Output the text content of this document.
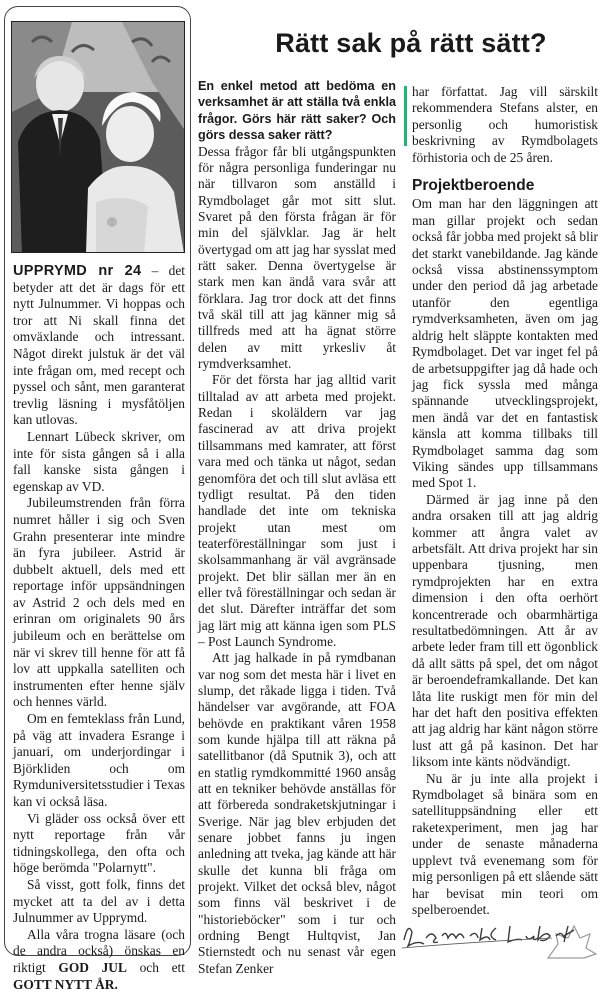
UPPRYMD nr 24 – det betyder att det är dags för ett nytt Julnummer. Vi hoppas och tror att Ni skall finna det omväxlande och intressant. Något direkt julstuk är det väl inte frågan om, med recept och pyssel och sånt, men garanterat trevlig läsning i mysfåtöljen kan utlovas.

Lennart Lübeck skriver, om inte för sista gången så i alla fall kanske sista gången i egenskap av VD.

Jubileumstrenden från förra numret håller i sig och Sven Grahn presenterar inte mindre än fyra jubileer. Astrid är dubbelt aktuell, dels med ett reportage inför uppsändningen av Astrid 2 och dels med en erinran om originalets 90 års jubileum och en berättelse om när vi skrev till henne för att få lov att uppkalla satelliten och instrumenten efter henne själv och hennes värld.

Om en femteklass från Lund, på väg att invadera Esrange i januari, om underjordingar i Björkliden och om Rymduniversitetsstudier i Texas kan vi också läsa.

Vi gläder oss också över ett nytt reportage från vår tidningskollega, den ofta och höge berömda "Polarnytt".

Så visst, gott folk, finns det mycket att ta del av i detta Julnummer av Upprymd.

Alla våra trogna läsare (och de andra också) önskas en riktigt GOD JUL och ett GOTT NYTT ÅR.

Rätt sak på rätt sätt?

En enkel metod att bedöma en verksamhet är att ställa två enkla frågor. Görs här rätt saker? Och görs dessa saker rätt?

Dessa frågor får bli utgångspunkten för några personliga funderingar nu när tillvaron som anställd i Rymdbolaget går mot sitt slut. Svaret på den första frågan är för min del självklar. Jag är helt övertygad om att jag har sysslat med rätt saker. Denna övertygelse är stark men kan ändå vara svår att förklara. Jag tror dock att det finns två skäl till att jag känner mig så tillfreds med att ha ägnat större delen av mitt yrkesliv åt rymdverksamhet.

För det första har jag alltid varit tilltalad av att arbeta med projekt. Redan i skoläldern var jag fascinerad av att driva projekt tillsammans med kamrater, att först vara med och tänka ut något, sedan genomföra det och till slut avläsa ett tydligt resultat. På den tiden handlade det inte om tekniska projekt utan mest om teaterföreställningar som just i skolsammanhang är väl avgränsade projekt. Det blir sällan mer än en eller två föreställningar och sedan är det slut. Därefter inträffar det som jag lärt mig att känna igen som PLS – Post Launch Syndrome.

Att jag halkade in på rymdbanan var nog som det mesta här i livet en slump, det råkade ligga i tiden. Två händelser var avgörande, att FOA behövde en praktikant våren 1958 som kunde hjälpa till att räkna på satellitbanor (då Sputnik 3), och att en statlig rymdkommitté 1960 ansåg att en tekniker behövde anställas för att förbereda sondraketskjutningar i Sverige. När jag blev erbjuden det senare jobbet fanns ju ingen anledning att tveka, jag kände att här skulle det kunna bli fråga om projekt. Vilket det också blev, något som finns väl beskrivet i de "historieböcker" som i tur och ordning Bengt Hultqvist, Jan Stiernstedt och nu senast vår egen Stefan Zenker

har författat. Jag vill särskilt rekommendera Stefans alster, en personlig och humoristisk beskrivning av Rymdbolagets förhistoria och de 25 åren.

Projektberoende

Om man har den läggningen att man gillar projekt och sedan också får jobba med projekt så blir det starkt vanebildande. Jag kände också vissa abstinenssymptom under den period då jag arbetade utanför den egentliga rymdverksamheten, även om jag aldrig helt släppte kontakten med Rymdbolaget. Det var inget fel på de arbetsuppgifter jag då hade och jag fick syssla med många spännande utvecklingsprojekt, men ändå var det en fantastisk känsla att komma tillbaks till Rymdbolaget samma dag som Viking sändes upp tillsammans med Spot 1.

Därmed är jag inne på den andra orsaken till att jag aldrig kommer att ångra valet av arbetsfält. Att driva projekt har sin uppenbara tjusning, men rymdprojekten har en extra dimension i den ofta oerhört koncentrerade och obarmhärtiga resultatbedömningen. Att år av arbete leder fram till ett ögonblick då allt sätts på spel, det om något är beroendeframkallande. Det kan låta lite ruskigt men för min del har det haft den positiva effekten att jag aldrig har känt någon större lust att gå på kasinon. Det har liksom inte känts nödvändigt.

Nu är ju inte alla projekt i Rymdbolaget så binära som en satellituppsändning eller ett raketexperiment, men jag har under de senaste månaderna upplevt två evenemang som för mig personligen på ett slående sätt har bevisat min teori om spelberoendet.
